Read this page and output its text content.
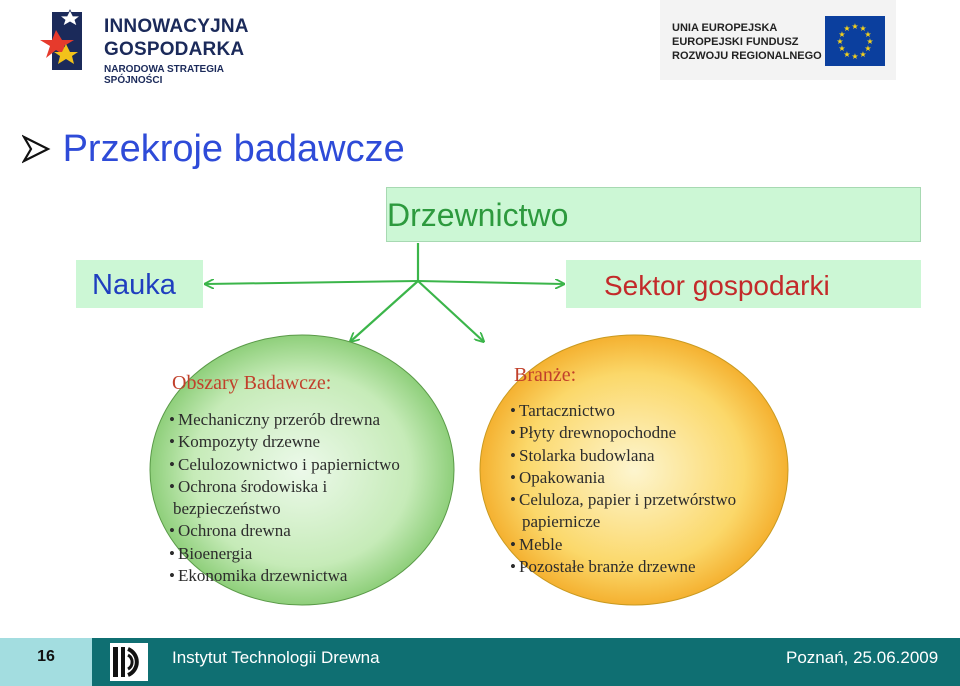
INNOWACYJNA
GOSPODARKA
NARODOWA STRATEGIA SPÓJNOŚCI
UNIA EUROPEJSKA
EUROPEJSKI FUNDUSZ
ROZWOJU REGIONALNEGO
★ ★
★
★
★
★
★
★
★
★
★
★
Przekroje badawcze
Drzewnictwo
Nauka	Sektor gospodarki
Obszary Badawcze:
• Mechaniczny przerób drewna
• Kompozyty drzewne
• Celulozownictwo i papiernictwo
• Ochrona środowiska i
bezpieczeństwo
• Ochrona drewna
• Bioenergia
• Ekonomika drzewnictwa
Branże:
• Tartacznictwo
• Płyty drewnopochodne
• Stolarka budowlana
• Opakowania
• Celuloza, papier i przetwórstwo
papiernicze
• Meble
• Pozostałe branże drzewne
16	Instytut Technologii Drewna	Poznań, 25.06.2009
